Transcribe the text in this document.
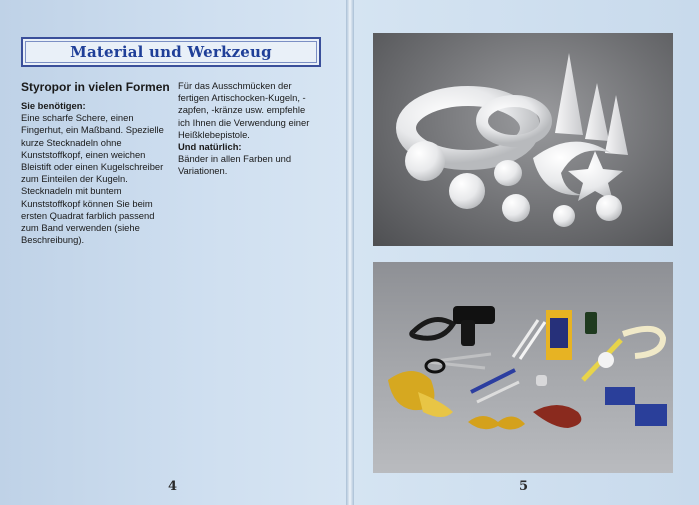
Material und Werkzeug
Styropor in vielen Formen
Sie benötigen:

Eine scharfe Schere, einen Fingerhut, ein Maßband. Spezielle kurze Stecknadeln ohne Kunststoffkopf, einen weichen Bleistift oder einen Kugelschreiber zum Einteilen der Kugeln.

Stecknadeln mit buntem Kunststoffkopf können Sie beim ersten Quadrat farblich passend zum Band verwenden (siehe Beschreibung).

Für das Ausschmücken der fertigen Artischocken-Kugeln, -zapfen, -kränze usw. empfehle ich Ihnen die Verwendung einer Heißklebepistole.

Und natürlich:

Bänder in allen Farben und Variationen.

4	5
